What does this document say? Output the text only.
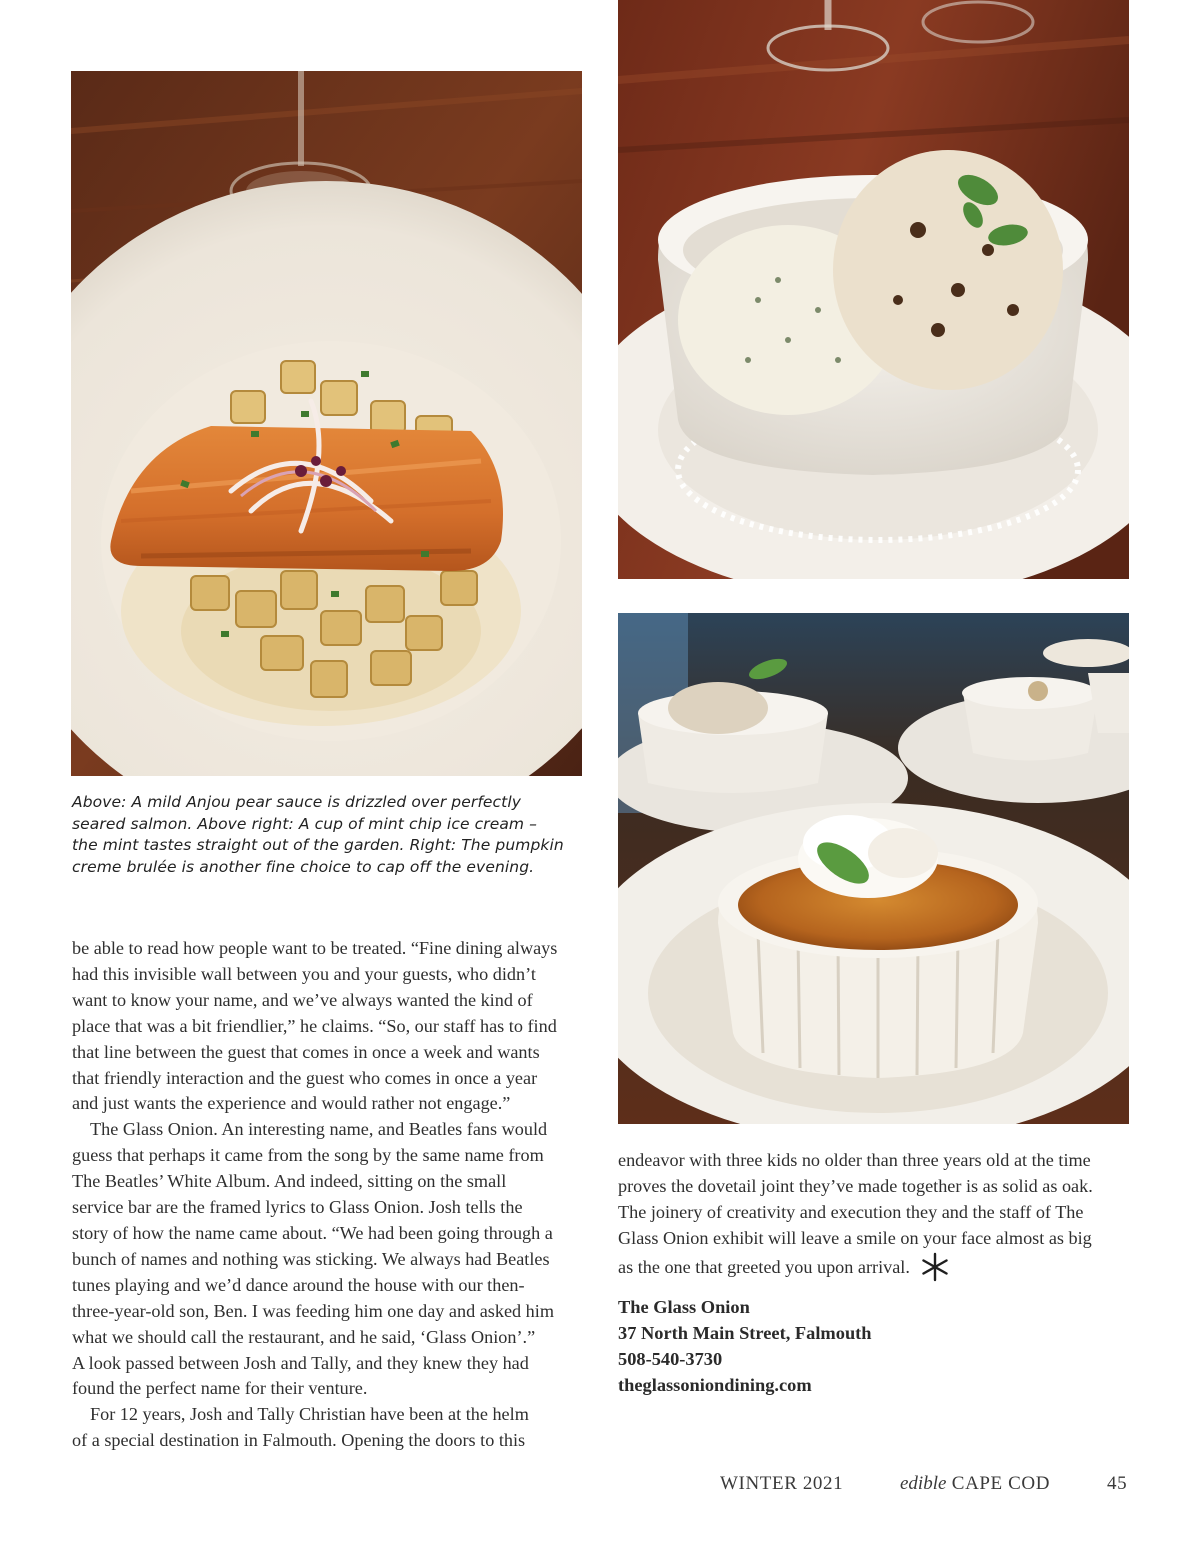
Above: A mild Anjou pear sauce is drizzled over perfectly
seared salmon. Above right: A cup of mint chip ice cream –
the mint tastes straight out of the garden. Right: The pumpkin
creme brulée is another fine choice to cap off the evening.
be able to read how people want to be treated. “Fine dining always
had this invisible wall between you and your guests, who didn’t
want to know your name, and we’ve always wanted the kind of
place that was a bit friendlier,” he claims. “So, our staff has to find
that line between the guest that comes in once a week and wants
that friendly interaction and the guest who comes in once a year
and just wants the experience and would rather not engage.”
The Glass Onion. An interesting name, and Beatles fans would
guess that perhaps it came from the song by the same name from
The Beatles’ White Album. And indeed, sitting on the small
service bar are the framed lyrics to Glass Onion. Josh tells the
story of how the name came about. “We had been going through a
bunch of names and nothing was sticking. We always had Beatles
tunes playing and we’d dance around the house with our then-
three-year-old son, Ben. I was feeding him one day and asked him
what we should call the restaurant, and he said, ‘Glass Onion’.”
A look passed between Josh and Tally, and they knew they had
found the perfect name for their venture.
For 12 years, Josh and Tally Christian have been at the helm
of a special destination in Falmouth. Opening the doors to this
endeavor with three kids no older than three years old at the time
proves the dovetail joint they’ve made together is as solid as oak.
The joinery of creativity and execution they and the staff of The
Glass Onion exhibit will leave a smile on your face almost as big
as the one that greeted you upon arrival.
The Glass Onion
37 North Main Street, Falmouth
508-540-3730
theglassoniondining.com
WINTER 2021	edible CAPE COD	45
